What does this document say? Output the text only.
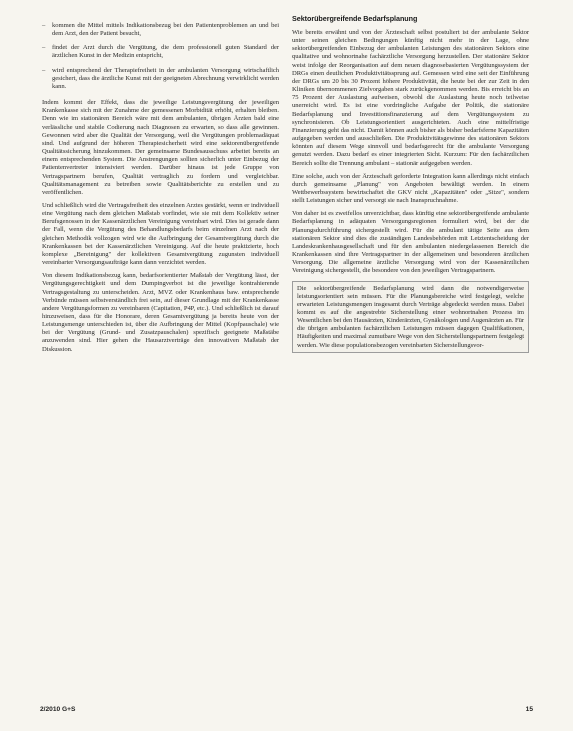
– kommen die Mittel mittels Indikationsbezug bei den Patientenproblemen an und bei dem Arzt, den der Patient besucht,
– findet der Arzt durch die Vergütung, die dem professionell guten Standard der ärztlichen Kunst in der Medizin entspricht,
– wird entsprechend der Therapiefreiheit in der ambulanten Versorgung wirtschaftlich gesichert, dass die ärztliche Kunst mit der geeigneten Abrechnung verwirklicht werden kann.

Indem kommt der Effekt, dass die jeweilige Leistungsvergütung der jeweiligen Krankenkasse sich mit der Zunahme der gemessenen Morbidität erhöht, erhalten bleiben. Denn wie im stationären Bereich wäre mit dem ambulanten, übrigen Ärzten bald eine verlässliche und stabile Codierung nach Diagnosen zu erwarten, so dass alle gewinnen. Gewonnen wird aber die Qualität der Versorgung, weil die Vergütungen problemadäquat sind. Und aufgrund der höheren Therapiesicherheit wird eine sektorenübergreifende Qualitätssicherung hinzukommen. Der gemeinsame Bundesausschuss arbeitet bereits an einem entsprechenden System. Die Anstrengungen sollten sicherlich unter Einbezug der Patientenvertreter intensiviert werden. Darüber hinaus ist jede Gruppe von Vertragspartnern berufen, Qualität vertraglich zu fordern und vergleichbar. Qualitätsmanagement zu betreiben sowie Qualitätsberichte zu erstellen und zu veröffentlichen.

Und schließlich wird die Vertragsfreiheit des einzelnen Arztes gestärkt, wenn er individuell eine Vergütung nach dem gleichen Maßstab vorfindet, wie sie mit dem Kollektiv seiner Berufsgenossen in der Kassenärztlichen Vereinigung vereinbart wird. Dies ist gerade dann der Fall, wenn die Vergütung des Behandlungsbedarfs beim einzelnen Arzt nach der gleichen Methodik vollzogen wird wie die Aufbringung der Gesamtvergütung durch die Krankenkassen bei der Kassenärztlichen Vereinigung. Auf die heute praktizierte, hoch komplexe „Bereinigung" der kollektiven Gesamtvergütung zugunsten individuell vereinbarter Versorgungsaufträge kann dann verzichtet werden.

Von diesem Indikationsbezug kann, bedarfsorientierter Maßstab der Vergütung lässt, der Vergütungsgerechtigkeit und dem Dumpingverbot ist die jeweilige kontrahierende Vertragsgestaltung zu unterscheiden. Arzt, MVZ oder Krankenhaus baw. entsprechende Verbünde müssen selbstverständlich frei sein, auf dieser Grundlage mit der Krankenkasse andere Vergütungsformen zu vereinbaren (Capitation, P4P, etc.). Und schließlich ist darauf hinzuweisen, dass für die Honorare, deren Gesamtvergütung ja bereits heute von der Leistungsmenge unterschieden ist, über die Aufbringung der Mittel (Kopfpauschale) wie bei der Vergütung (Grund- und Zusatzpauschalen) spezifisch geeignete Maßstäbe anzuwenden sind. Hier gehen die Hausarztverträge den innovativen Maßstab der Diskussion.

Sektorübergreifende Bedarfsplanung

Wie bereits erwähnt und von der Ärzteschaft selbst postuliert ist der ambulante Sektor unter seinen gleichen Bedingungen künftig nicht mehr in der Lage, ohne sektorübergreifenden Einbezug der ambulanten Leistungen des stationären Sektors eine qualitative und wohnortnahe fachärztliche Versorgung herzustellen. Der stationäre Sektor weist infolge der Reorganisation auf dem neuen diagnosebasierten Vergütungssystem der DRGs einen deutlichen Produktivitätssprung auf. Gemessen wird eine seit der Einführung der DRGs um 20 bis 30 Prozent höhere Produktivität, die heute bei der zur Zeit in den Kliniken übernommenen Zielvorgaben stark zurückgenommen werden. Bis erreicht bis an 75 Prozent der Auslastung aufweisen, obwohl die Auslastung heute noch teilweise unerreicht wird. Es ist eine vordringliche Aufgabe der Politik, die stationäre Bedarfsplanung und Investitionsfinanzierung auf dem Vergütungssystem zu synchronisieren. Ob Leistungsorientiert ausgerichteten. Auch eine mittelfristige Finanzierung geht das nicht. Damit können auch bisher als bisher bedarfsferne Kapazitäten aufgegeben werden und ausschließen. Die Produktivitätsgewinne des stationären Sektors könnten auf diesem Wege sinnvoll und bedarfsgerecht für die ambulante Versorgung genutzt werden. Dazu bedarf es einer integrierten Sicht. Kurzum: Für den fachärztlichen Bereich sollte die Trennung ambulant – stationär aufgegeben werden.

Eine solche, auch von der Ärzteschaft geforderte Integration kann allerdings nicht einfach durch gemeinsame „Planung" von Angeboten bewältigt werden. In einem Wettbewerbssystem bewirtschaftet die GKV nicht „Kapazitäten" oder „Sitze", sondern stellt Leistungen sicher und versorgt sie nach Inanspruchnahme.

Von daher ist es zweifellos unverzichtbar, dass künftig eine sektorübergreifende ambulante Bedarfsplanung in adäquaten Versorgungsregionen formuliert wird, bei der die Planungsdurchführung sichergestellt wird. Für die ambulant tätige Seite aus dem stationären Sektor sind dies die zuständigen Landesbehörden mit Letztentscheidung der Landeskrankenhausgesellschaft und für den ambulanten niedergelassenen Bereich die Krankenkassen sind ihre Vertragspartner in der allgemeinen und besonderen ärztlichen Versorgung. Die allgemeine ärztliche Versorgung wird von der Kassenärztlichen Vereinigung sichergestellt, die besondere von den jeweiligen Vertragspartnern.

Die sektorübergreifende Bedarfsplanung wird dann die notwendigerweise leistungsorientiert sein müssen. Für die Planungsbereiche wird festgelegt, welche erwarteten Leistungsmengen insgesamt durch Verträge abgedeckt werden muss. Dabei kommt es auf die angestrebte Sicherstellung einer wohnortnahen Prozess im Wesentlichen bei den Hausärzten, Kinderärzten, Gynäkologen und Augenärzten an. Für die übrigen ambulanten fachärztlichen Leistungen müssen dagegen Qualifikationen, Häufigkeiten und maximal zumutbare Wege von den Sicherstellungspartnern festgelegt werden. Wie diese populationsbezogen vereinbarten Sicherstellungsvor-

2/2010 G+S	15
